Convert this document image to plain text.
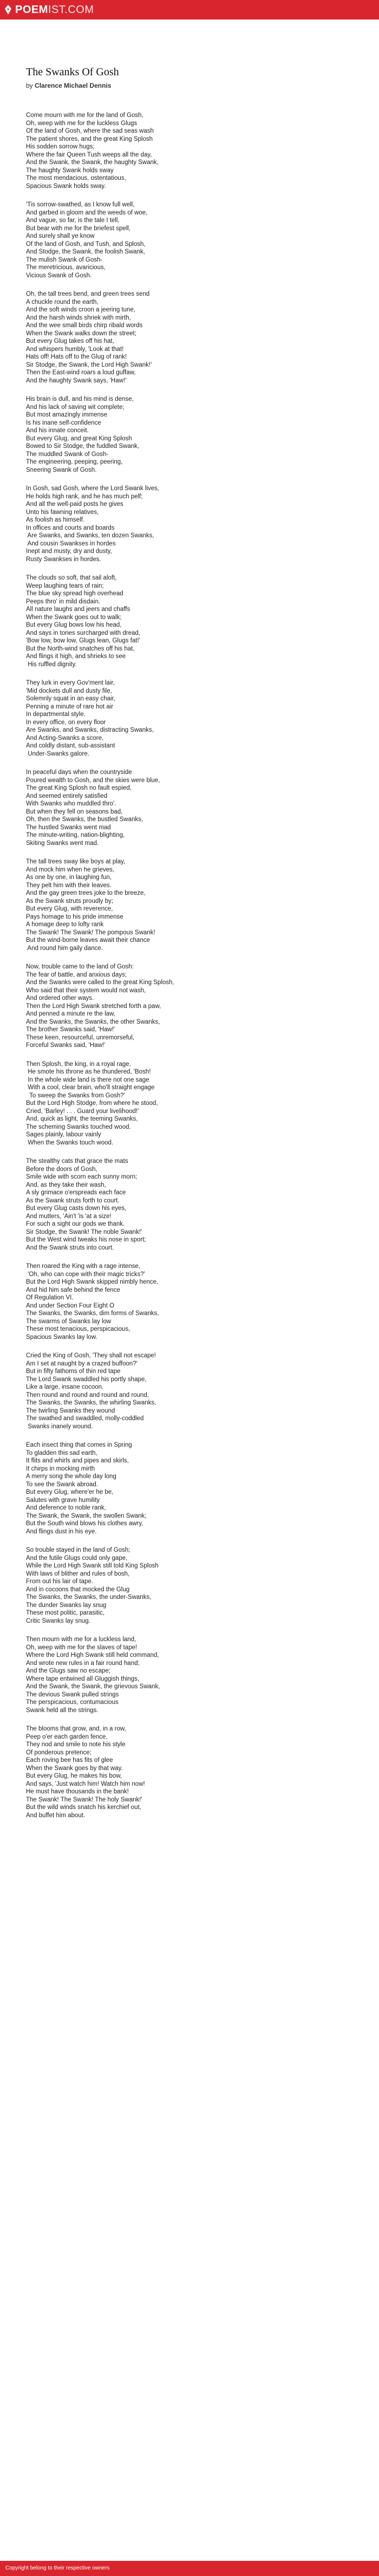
POEM IST.COM
The Swanks Of Gosh
by Clarence Michael Dennis
Come mourn with me for the land of Gosh,
Oh, weep with me for the luckless Glugs
Of the land of Gosh, where the sad seas wash
The patient shores, and the great King Splosh
His sodden sorrow hugs;
Where the fair Queen Tush weeps all the day,
And the Swank, the Swank, the haughty Swank,
The haughty Swank holds sway
The most mendacious, ostentatious,
Spacious Swank holds sway.
'Tis sorrow-swathed, as I know full well,
And garbed in gloom and the weeds of woe,
And vague, so far, is the tale I tell,
But bear with me for the briefest spell,
And surely shall ye know
Of the land of Gosh, and Tush, and Splosh,
And Stodge, the Swank, the foolish Swank,
The mulish Swank of Gosh-
The meretricious, avaricious,
Vicious Swank of Gosh.
Oh, the tall trees bend, and green trees send
A chuckle round the earth,
And the soft winds croon a jeering tune,
And the harsh winds shriek with mirth,
And the wee small birds chirp ribald words
When the Swank walks down the street;
But every Glug takes off his hat,
And whispers humbly, 'Look at that!
Hats off! Hats off to the Glug of rank!
Sir Stodge, the Swank, the Lord High Swank!'
Then the East-wind roars a loud guffaw,
And the haughty Swank says, 'Haw!'
His brain is dull, and his mind is dense,
And his lack of saving wit complete;
But most amazingly immense
Is his inane self-confidence
And his innate conceit.
But every Glug, and great King Splosh
Bowed to Sir Stodge, the fuddled Swank,
The muddled Swank of Gosh-
The engineering, peeping, peering,
Sneering Swank of Gosh.
In Gosh, sad Gosh, where the Lord Swank lives,
He holds high rank, and he has much pelf;
And all the well-paid posts he gives
Unto his fawning relatives,
As foolish as himself.
In offices and courts and boards
Are Swanks, and Swanks, ten dozen Swanks,
And cousin Swankses in hordes
Inept and musty, dry and dusty,
Rusty Swankses in hordes.
The clouds so soft, that sail aloft,
Weep laughing tears of rain;
The blue sky spread high overhead
Peeps thro' in mild disdain.
All nature laughs and jeers and chaffs
When the Swank goes out to walk;
But every Glug bows low his head,
And says in tones surcharged with dread,
'Bow low, bow low, Glugs lean, Glugs fat!'
But the North-wind snatches off his hat,
And flings it high, and shrieks to see
His ruffled dignity.
They lurk in every Gov'ment lair,
'Mid dockets dull and dusty file,
Solemnly squat in an easy chair,
Penning a minute of rare hot air
In departmental style.
In every office, on every floor
Are Swanks, and Swanks, distracting Swanks,
And Acting-Swanks a score,
And coldly distant, sub-assistant
Under-Swanks galore.
In peaceful days when the countryside
Poured wealth to Gosh, and the skies were blue,
The great King Splosh no fault espied,
And seemed entirely satisfied
With Swanks who muddled thro'.
But when they fell on seasons bad,
Oh, then the Swanks, the bustled Swanks,
The hustled Swanks went mad
The minute-writing, nation-blighting,
Skiting Swanks went mad.
The tall trees sway like boys at play,
And mock him when he grieves,
As one by one, in laughing fun,
They pelt him with their leaves.
And the gay green trees joke to the breeze,
As the Swank struts proudly by;
But every Glug, with reverence,
Pays homage to his pride immense
A homage deep to lofty rank
The Swank! The Swank! The pompous Swank!
But the wind-borne leaves await their chance
And round him gaily dance.
Now, trouble came to the land of Gosh:
The fear of battle, and anxious days;
And the Swanks were called to the great King Splosh,
Who said that their system would not wash,
And ordered other ways.
Then the Lord High Swank stretched forth a paw,
And penned a minute re the law,
And the Swanks, the Swanks, the other Swanks,
The brother Swanks said, 'Haw!'
These keen, resourceful, unremorseful,
Forceful Swanks said, 'Haw!'
Then Splosh, the king, in a royal rage,
He smote his throne as he thundered, 'Bosh!
In the whole wide land is there not one sage
With a cool, clear brain, who'll straight engage
To sweep the Swanks from Gosh?'
But the Lord High Stodge, from where he stood,
Cried, 'Barley! . . . Guard your livelihood!'
And, quick as light, the teeming Swanks,
The scheming Swanks touched wood.
Sages plainly, labour vainly
When the Swanks touch wood.
The stealthy cats that grace the mats
Before the doors of Gosh,
Smile wide with scorn each sunny morn;
And, as they take their wash,
A sly grimace o'erspreads each face
As the Swank struts forth to court.
But every Glug casts down his eyes,
And mutters, 'Ain't 'is 'at a size!
For such a sight our gods we thank.
Sir Stodge, the Swank! The noble Swank!'
But the West wind tweaks his nose in sport;
And the Swank struts into court.
Then roared the King with a rage intense,
'Oh, who can cope with their magic tricks?'
But the Lord High Swank skipped nimbly hence,
And hid him safe behind the fence
Of Regulation VI.
And under Section Four Eight O
The Swanks, the Swanks, dim forms of Swanks,
The swarms of Swanks lay low
These most tenacious, perspicacious,
Spacious Swanks lay low.
Cried the King of Gosh, 'They shall not escape!
Am I set at naught by a crazed buffoon?'
But in fifty fathoms of thin red tape
The Lord Swank swaddled his portly shape,
Like a large, insane cocoon.
Then round and round and round and round,
The Swanks, the Swanks, the whirling Swanks,
The twirling Swanks they wound
The swathed and swaddled, molly-coddled
Swanks inanely wound.
Each insect thing that comes in Spring
To gladden this sad earth,
It flits and whirls and pipes and skirls,
It chirps in mocking mirth
A merry song the whole day long
To see the Swank abroad.
But every Glug, where'er he be,
Salutes with grave humility
And deference to noble rank,
The Swank, the Swank, the swollen Swank;
But the South wind blows his clothes awry,
And flings dust in his eye.
So trouble stayed in the land of Gosh;
And the futile Glugs could only gape,
While the Lord High Swank still told King Splosh
With laws of blither and rules of bosh,
From out his lair of tape.
And in cocoons that mocked the Glug
The Swanks, the Swanks, the under-Swanks,
The dunder Swanks lay snug
These most politic, parasitic,
Critic Swanks lay snug.
Then mourn with me for a luckless land,
Oh, weep with me for the slaves of tape!
Where the Lord High Swank still held command,
And wrote new rules in a fair round hand;
And the Glugs saw no escape;
Where tape entwined all Gluggish things,
And the Swank, the Swank, the grievous Swank,
The devious Swank pulled strings
The perspicacious, contumacious
Swank held all the strings.
The blooms that grow, and, in a row,
Peep o'er each garden fence,
They nod and smile to note his style
Of ponderous pretence;
Each roving bee has fits of glee
When the Swank goes by that way.
But every Glug, he makes his bow,
And says, 'Just watch him! Watch him now!
He must have thousands in the bank!
The Swank! The Swank! The holy Swank!'
But the wild winds snatch his kerchief out,
And buffet him about.
Copyright belong to their respective owners
